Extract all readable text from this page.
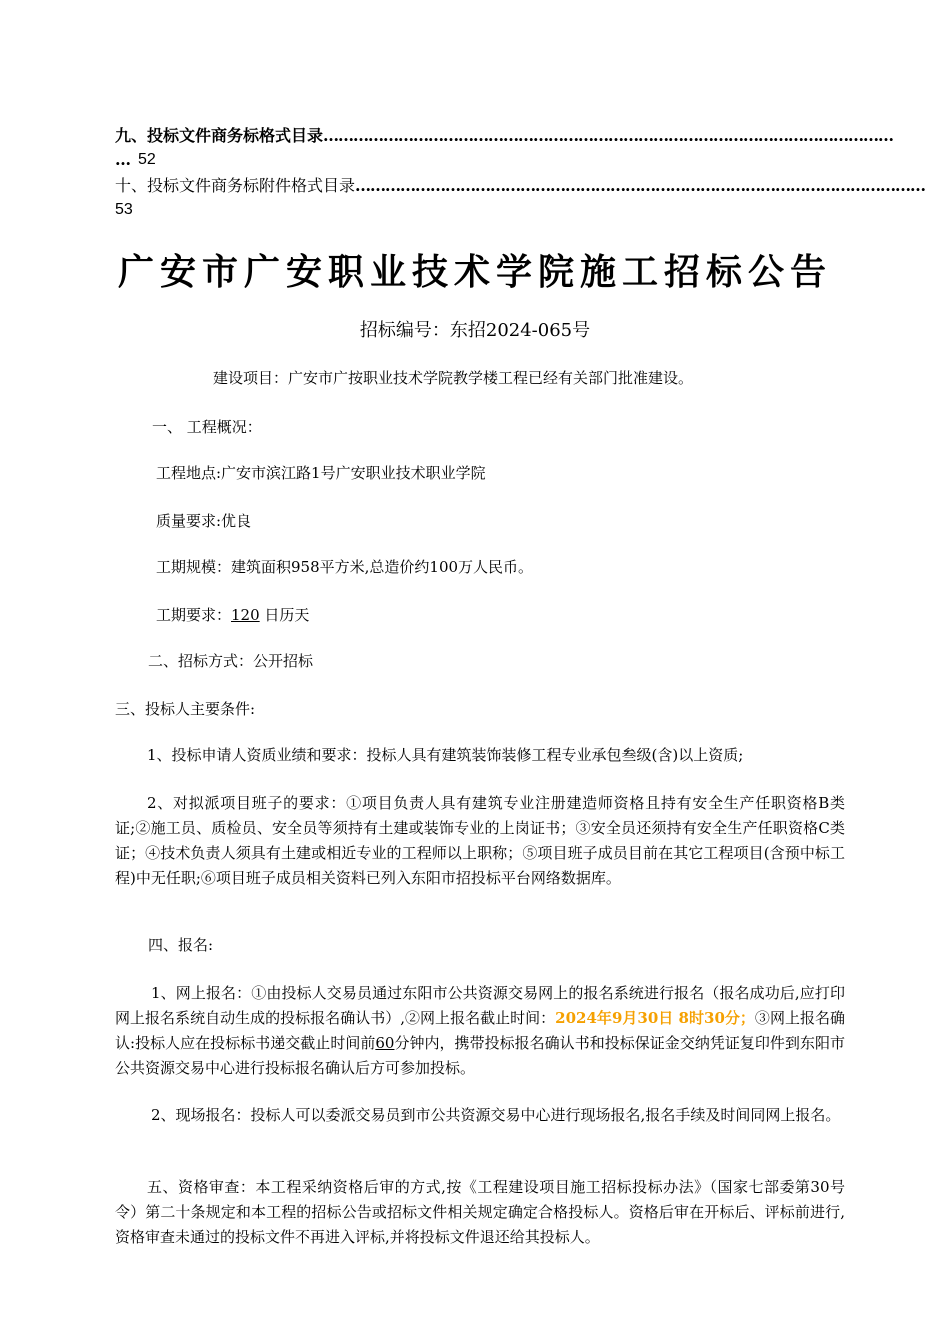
九、投标文件商务标格式目录 ……………………………………………………………………………………………………
… 52
十、投标文件商务标附件格式目录 ……………………………………………………………………………………………………
53
广安市广安职业技术学院施工招标公告
招标编号：东招2024-065号
建设项目：广安市广按职业技术学院教学楼工程已经有关部门批准建设。
一、 工程概况：
工程地点:广安市滨江路1号广安职业技术职业学院
质量要求:优良
工期规模：建筑面积958平方米,总造价约100万人民币。
工期要求：120 日历天
二、招标方式：公开招标
三、投标人主要条件:
1、投标申请人资质业绩和要求：投标人具有建筑装饰装修工程专业承包叁级(含)以上资质;
2、对拟派项目班子的要求：①项目负责人具有建筑专业注册建造师资格且持有安全生产任职资格B类证;②施工员、质检员、安全员等须持有土建或装饰专业的上岗证书；③安全员还须持有安全生产任职资格C类证；④技术负责人须具有土建或相近专业的工程师以上职称；⑤项目班子成员目前在其它工程项目(含预中标工程)中无任职;⑥项目班子成员相关资料已列入东阳市招投标平台网络数据库。
四、报名:
1、网上报名：①由投标人交易员通过东阳市公共资源交易网上的报名系统进行报名（报名成功后,应打印网上报名系统自动生成的投标报名确认书）,②网上报名截止时间：2024年9月30日 8时30分；③网上报名确认:投标人应在投标标书递交截止时间前60分钟内，携带投标报名确认书和投标保证金交纳凭证复印件到东阳市公共资源交易中心进行投标报名确认后方可参加投标。
2、现场报名：投标人可以委派交易员到市公共资源交易中心进行现场报名,报名手续及时间同网上报名。
五、资格审查：本工程采纳资格后审的方式,按《工程建设项目施工招标投标办法》（国家七部委第30号令）第二十条规定和本工程的招标公告或招标文件相关规定确定合格投标人。资格后审在开标后、评标前进行,资格审查未通过的投标文件不再进入评标,并将投标文件退还给其投标人。
